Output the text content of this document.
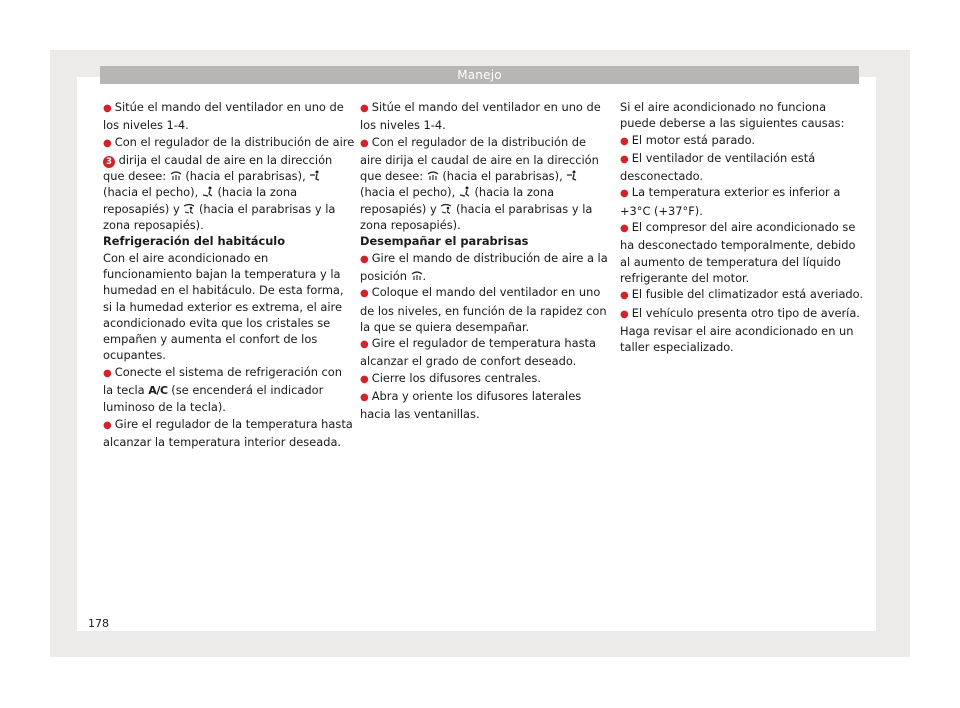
Manejo

● Sitúe el mando del ventilador en uno de los niveles 1-4.

● Con el regulador de la distribución de aire
3 dirija el caudal de aire en la dirección que desee:  (hacia el parabrisas),  (hacia el pecho),  (hacia la zona reposapiés) y  (hacia el parabrisas y la zona reposapiés).

Refrigeración del habitáculo

Con el aire acondicionado en funcionamiento bajan la temperatura y la humedad en el habitáculo. De esta forma, si la humedad exterior es extrema, el aire acondicionado evita que los cristales se empañen y aumenta el confort de los ocupantes.

● Conecte el sistema de refrigeración con la tecla A/C (se encenderá el indicador luminoso de la tecla).

● Gire el regulador de la temperatura hasta alcanzar la temperatura interior deseada.

● Sitúe el mando del ventilador en uno de los niveles 1-4.

● Con el regulador de la distribución de aire dirija el caudal de aire en la dirección que desee:  (hacia el parabrisas),  (hacia el pecho),  (hacia la zona reposapiés) y  (hacia el parabrisas y la zona reposapiés).

Desempañar el parabrisas

● Gire el mando de distribución de aire a la posición .

● Coloque el mando del ventilador en uno de los niveles, en función de la rapidez con la que se quiera desempañar.

● Gire el regulador de temperatura hasta alcanzar el grado de confort deseado.

● Cierre los difusores centrales.

● Abra y oriente los difusores laterales hacia las ventanillas.

Si el aire acondicionado no funciona puede deberse a las siguientes causas:

● El motor está parado.

● El ventilador de ventilación está desconectado.

● La temperatura exterior es inferior a +3°C (+37°F).

● El compresor del aire acondicionado se ha desconectado temporalmente, debido al aumento de temperatura del líquido refrigerante del motor.

● El fusible del climatizador está averiado.

● El vehículo presenta otro tipo de avería. Haga revisar el aire acondicionado en un taller especializado.

178
